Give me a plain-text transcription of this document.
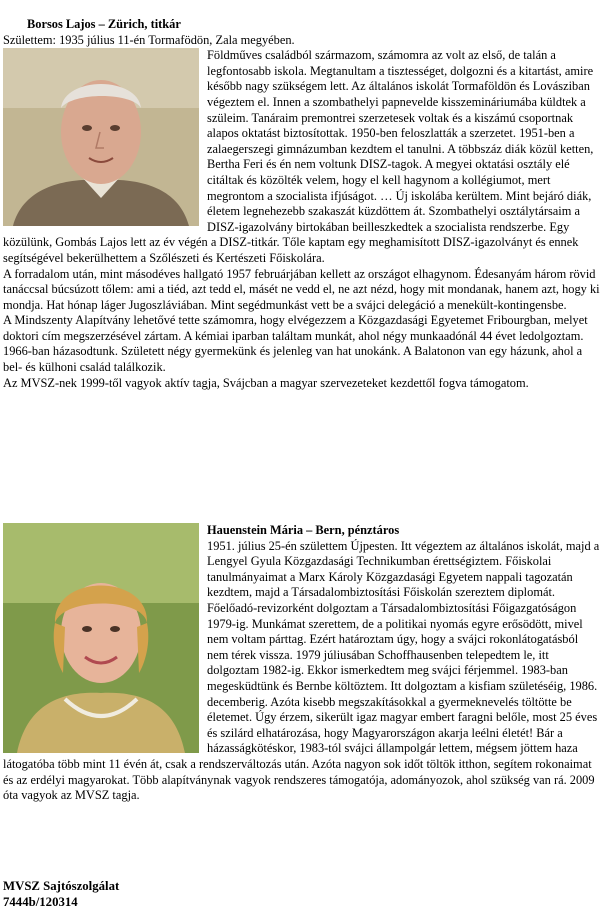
Borsos Lajos – Zürich, titkár

Születtem: 1935 július 11-én Tormafödön, Zala megyében.

Földműves családból származom, számomra az volt az első, de talán a legfontosabb iskola. Megtanultam a tisztességet, dolgozni és a kitartást, amire később nagy szükségem lett. Az általános iskolát Tormaföldön és Lovásziban végeztem el. Innen a szombathelyi papnevelde kisszemináriumába küldtek a szüleim. Tanáraim premontrei szerzetesek voltak és a kiszámú csoportnak alapos oktatást biztosítottak. 1950-ben feloszlatták a szerzetet. 1951-ben a zalaegerszegi gimnázumban kezdtem el tanulni. A többszáz diák közül ketten, Bertha Feri és én nem voltunk DISZ-tagok. A megyei oktatási osztály elé citáltak és közölték velem, hogy el kell hagynom a kollégiumot, mert megrontom a szocialista ifjúságot. … Új iskolába kerültem. Mint bejáró diák, életem legnehezebb szakaszát küzdöttem át. Szombathelyi osztálytársaim a DISZ-igazolvány birtokában beilleszkedtek a szocialista rendszerbe. Egy közülünk, Gombás Lajos lett az év végén a DISZ-titkár. Tőle kaptam egy meghamisított DISZ-igazolványt és ennek segítségével bekerülhettem a Szőlészeti és Kertészeti Főiskolára.

A forradalom után, mint másodéves hallgató 1957 februárjában kellett az országot elhagynom. Édesanyám három rövid tanáccsal búcsúzott tőlem: ami a tiéd, azt tedd el, másét ne vedd el, ne azt nézd, hogy mit mondanak, hanem azt, hogy ki mondja. Hat hónap láger Jugoszláviában. Mint segédmunkást vett be a svájci delegáció a menekült-kontingensbe.

A Mindszenty Alapítvány lehetővé tette számomra, hogy elvégezzem a Közgazdasági Egyetemet Fribourgban, melyet doktori cím megszerzésével zártam. A kémiai iparban találtam munkát, ahol négy munkaadónál 44 évet ledolgoztam. 1966-ban házasodtunk. Született négy gyermekünk és jelenleg van hat unokánk. A Balatonon van egy házunk, ahol a bel- és külhoni család találkozik.

Az MVSZ-nek 1999-től vagyok aktív tagja, Svájcban a magyar szervezeteket kezdettől fogva támogatom.

Hauenstein Mária – Bern, pénztáros

1951. július 25-én születtem Újpesten. Itt végeztem az általános iskolát, majd a Lengyel Gyula Közgazdasági Technikumban érettségiztem. Főiskolai tanulmányaimat a Marx Károly Közgazdasági Egyetem nappali tagozatán kezdtem, majd a Társadalombiztosítási Főiskolán szereztem diplomát. Főelőadó-revizorként dolgoztam a Társadalombiztosítási Főigazgatóságon 1979-ig. Munkámat szerettem, de a politikai nyomás egyre erősödött, mivel nem voltam párttag. Ezért határoztam úgy, hogy a svájci rokonlátogatásból nem térek vissza. 1979 júliusában Schoffhausenben telepedtem le, itt dolgoztam 1982-ig. Ekkor ismerkedtem meg svájci férjemmel. 1983-ban megesküdtünk és Bernbe költöztem. Itt dolgoztam a kisfiam születéséig, 1986. decemberig. Azóta kisebb megszakításokkal a gyermeknevelés töltötte be életemet. Úgy érzem, sikerült igaz magyar embert faragni belőle, most 25 éves és szilárd elhatározása, hogy Magyarországon akarja leélni életét! Bár a házasságkötéskor, 1983-tól svájci állampolgár lettem, mégsem jöttem haza látogatóba több mint 11 évén át, csak a rendszerváltozás után. Azóta nagyon sok időt töltök itthon, segítem rokonaimat és az erdélyi magyarokat. Több alapítványnak vagyok rendszeres támogatója, adományozok, ahol szükség van rá. 2009 óta vagyok az MVSZ tagja.

MVSZ Sajtószolgálat
7444b/120314
